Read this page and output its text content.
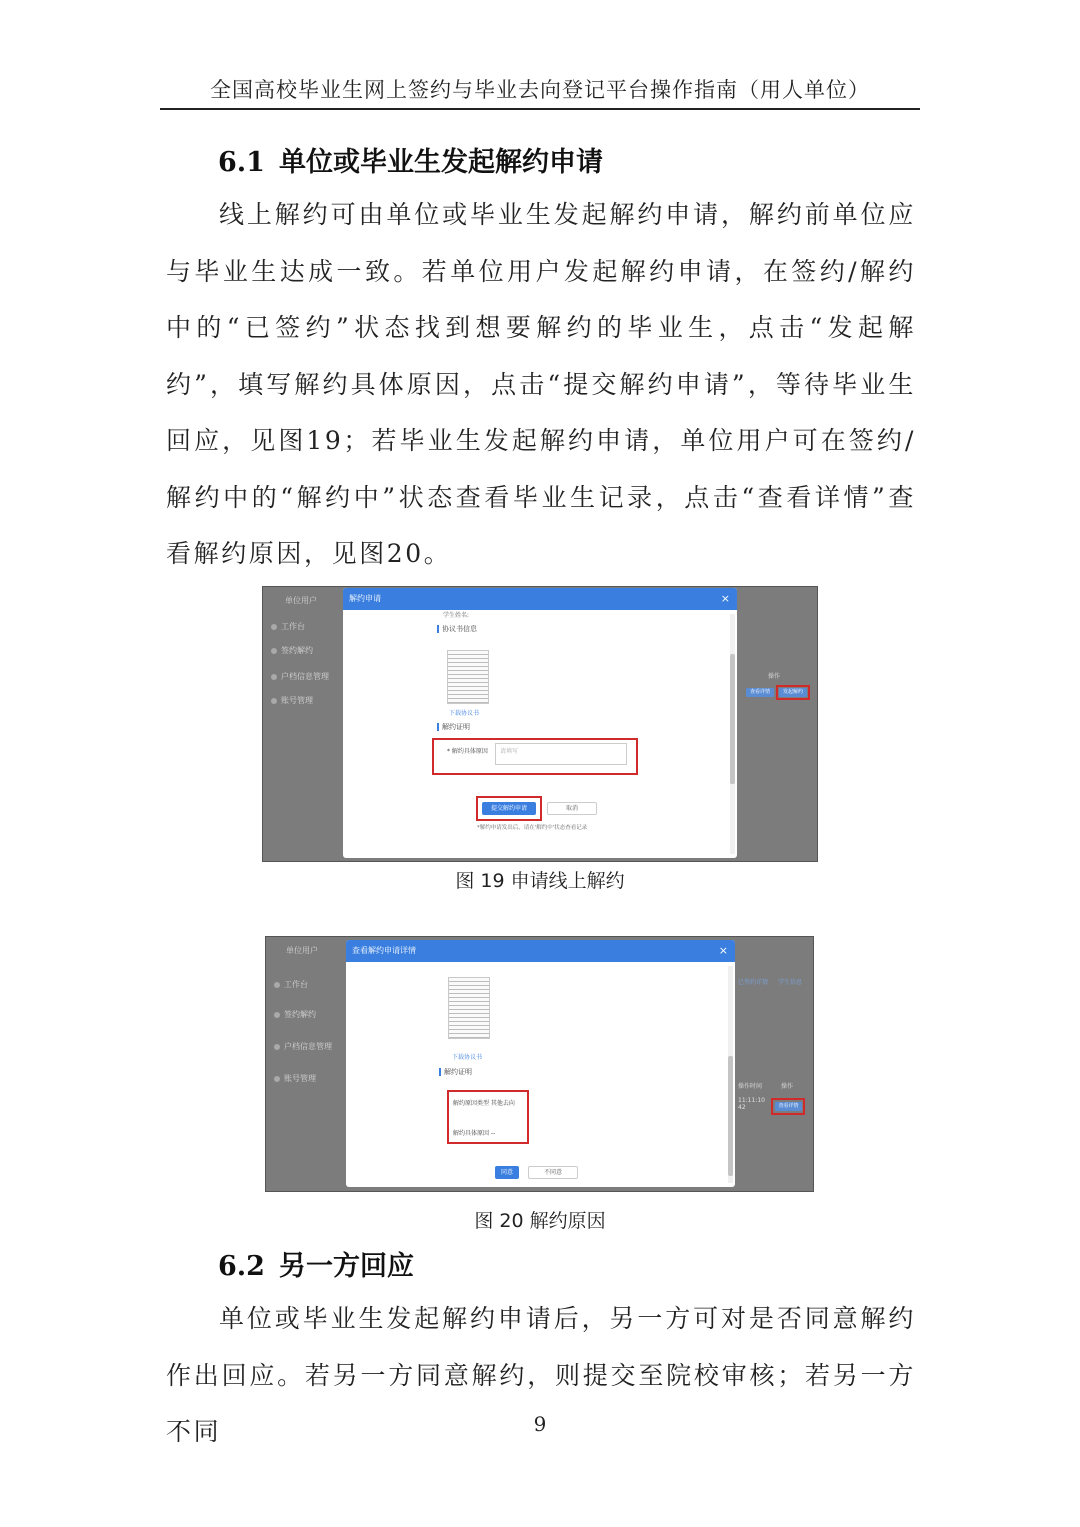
全国高校毕业生网上签约与毕业去向登记平台操作指南（用人单位）
6.1 单位或毕业生发起解约申请
线上解约可由单位或毕业生发起解约申请，解约前单位应与毕业生达成一致。若单位用户发起解约申请，在签约/解约中的“已签约”状态找到想要解约的毕业生，点击“发起解约”，填写解约具体原因，点击“提交解约申请”，等待毕业生回应，见图19；若毕业生发起解约申请，单位用户可在签约/解约中的“解约中”状态查看毕业生记录，点击“查看详情”查看解约原因，见图20。
单位用户
工作台
签约解约
户档信息管理
账号管理
操作
查看详情	发起解约
解约申请	×
学生姓名:
协议书信息
下载协议书
解约证明
* 解约具体原因	请填写
提交解约申请	取消
*解约申请发出后，请在'解约中'状态查看记录
图 19 申请线上解约
单位用户
工作台
签约解约
户档信息管理
账号管理
已签约详情 学生信息
操作时间	操作
11:11:10
42	查看详情
查看解约申请详情	×
下载协议书
解约证明
解约原因类型 其他去向
解约具体原因 --
同意	不同意
图 20 解约原因
6.2 另一方回应
单位或毕业生发起解约申请后，另一方可对是否同意解约作出回应。若另一方同意解约，则提交至院校审核；若另一方不同	9
